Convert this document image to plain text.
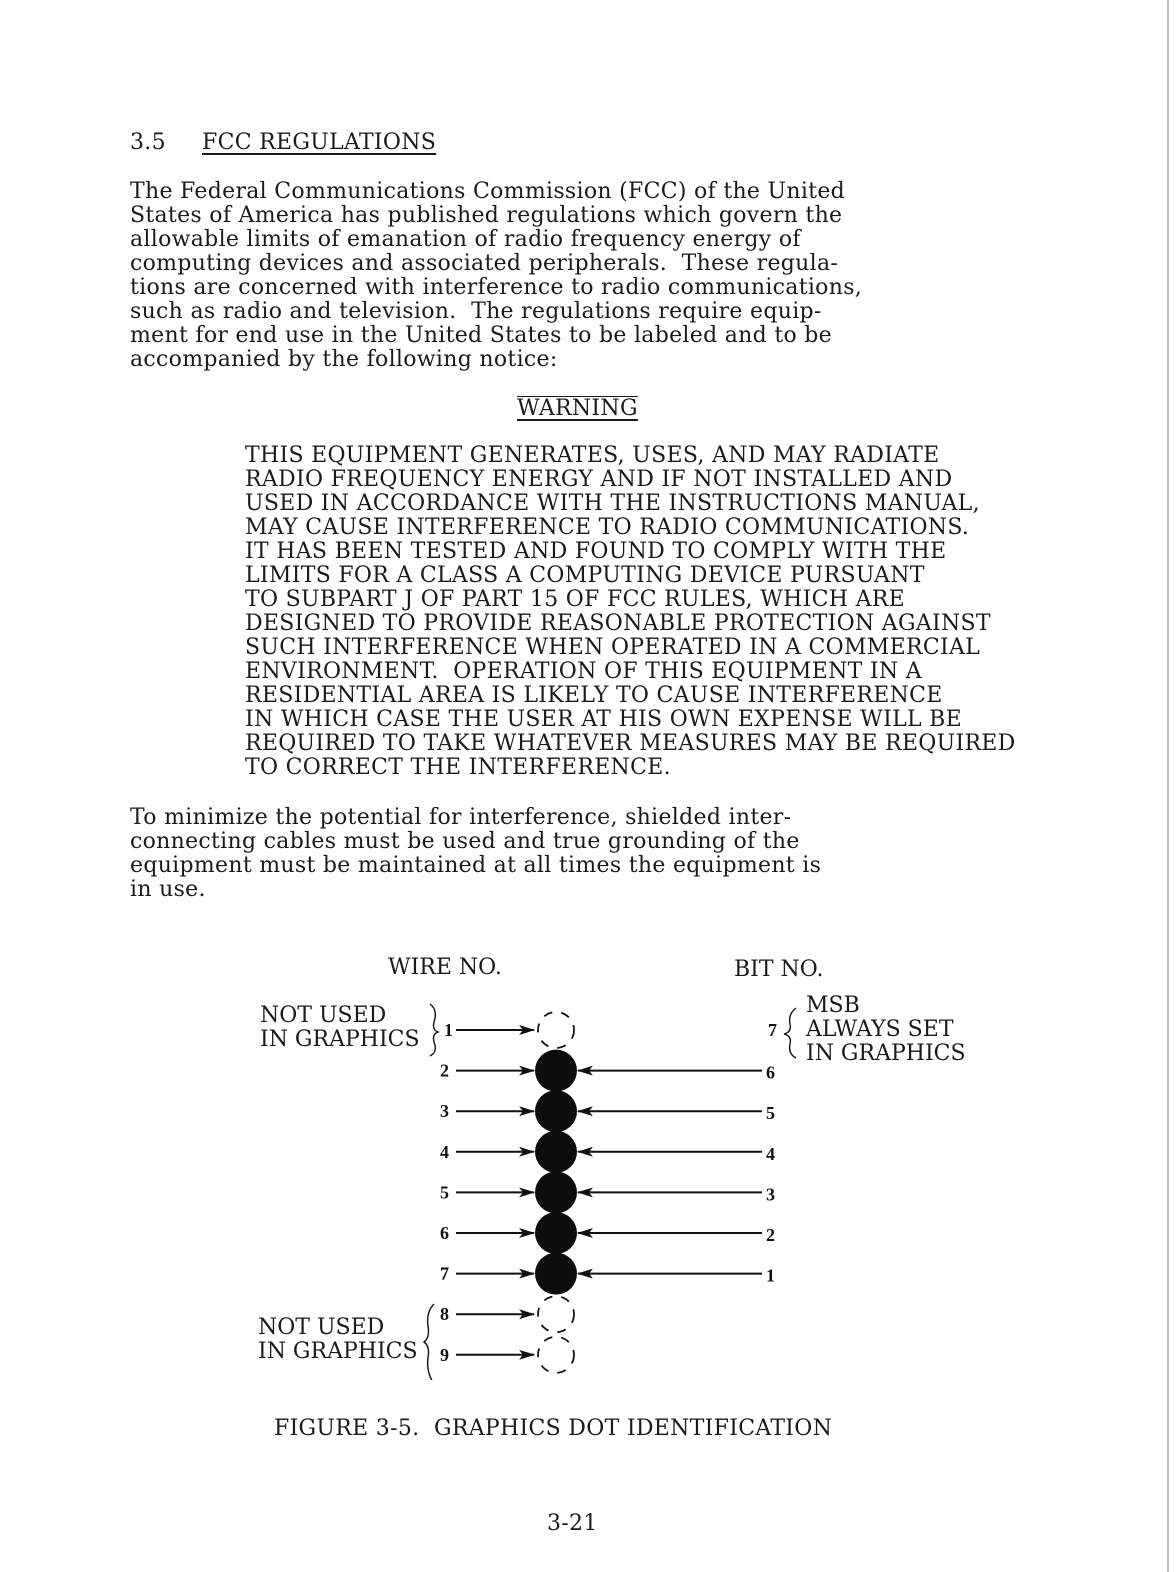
3.5 FCC REGULATIONS
The Federal Communications Commission (FCC) of the United
States of America has published regulations which govern the
allowable limits of emanation of radio frequency energy of
computing devices and associated peripherals.  These regula-
tions are concerned with interference to radio communications,
such as radio and television.  The regulations require equip-
ment for end use in the United States to be labeled and to be
accompanied by the following notice:
WARNING
THIS EQUIPMENT GENERATES, USES, AND MAY RADIATE
RADIO FREQUENCY ENERGY AND IF NOT INSTALLED AND
USED IN ACCORDANCE WITH THE INSTRUCTIONS MANUAL,
MAY CAUSE INTERFERENCE TO RADIO COMMUNICATIONS.
IT HAS BEEN TESTED AND FOUND TO COMPLY WITH THE
LIMITS FOR A CLASS A COMPUTING DEVICE PURSUANT
TO SUBPART J OF PART 15 OF FCC RULES, WHICH ARE
DESIGNED TO PROVIDE REASONABLE PROTECTION AGAINST
SUCH INTERFERENCE WHEN OPERATED IN A COMMERCIAL
ENVIRONMENT.  OPERATION OF THIS EQUIPMENT IN A
RESIDENTIAL AREA IS LIKELY TO CAUSE INTERFERENCE
IN WHICH CASE THE USER AT HIS OWN EXPENSE WILL BE
REQUIRED TO TAKE WHATEVER MEASURES MAY BE REQUIRED
TO CORRECT THE INTERFERENCE.
To minimize the potential for interference, shielded inter-
connecting cables must be used and true grounding of the
equipment must be maintained at all times the equipment is
in use.
WIRE NO.	BIT NO.
NOT USED
IN GRAPHICS
MSB
ALWAYS SET
IN GRAPHICS
NOT USED
IN GRAPHICS
1	7
2	6
3	5
4	4
5	3
6	2
7	1
8
9
FIGURE 3-5.  GRAPHICS DOT IDENTIFICATION
3-21
